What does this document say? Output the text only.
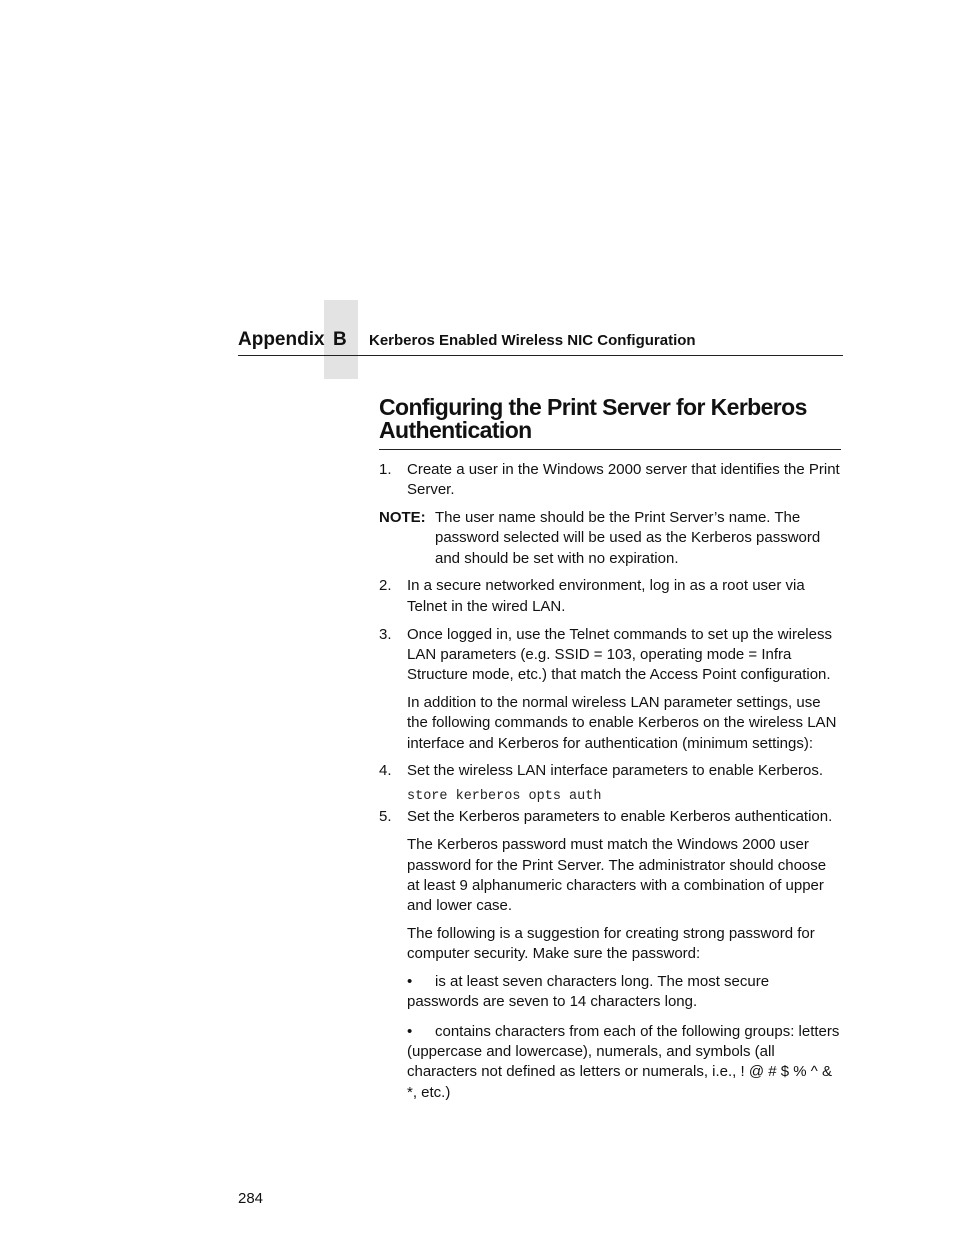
Appendix B Kerberos Enabled Wireless NIC Configuration
Configuring the Print Server for Kerberos Authentication
1. Create a user in the Windows 2000 server that identifies the Print Server.
NOTE: The user name should be the Print Server’s name. The password selected will be used as the Kerberos password and should be set with no expiration.
2. In a secure networked environment, log in as a root user via Telnet in the wired LAN.
3. Once logged in, use the Telnet commands to set up the wireless LAN parameters (e.g. SSID = 103, operating mode = Infra Structure mode, etc.) that match the Access Point configuration.
In addition to the normal wireless LAN parameter settings, use the following commands to enable Kerberos on the wireless LAN interface and Kerberos for authentication (minimum settings):
4. Set the wireless LAN interface parameters to enable Kerberos.
store kerberos opts auth
5. Set the Kerberos parameters to enable Kerberos authentication.
The Kerberos password must match the Windows 2000 user password for the Print Server. The administrator should choose at least 9 alphanumeric characters with a combination of upper and lower case.
The following is a suggestion for creating strong password for computer security. Make sure the password:
• is at least seven characters long. The most secure passwords are seven to 14 characters long.
• contains characters from each of the following groups: letters (uppercase and lowercase), numerals, and symbols (all characters not defined as letters or numerals, i.e., ! @ # $ % ^ & *, etc.)
284
